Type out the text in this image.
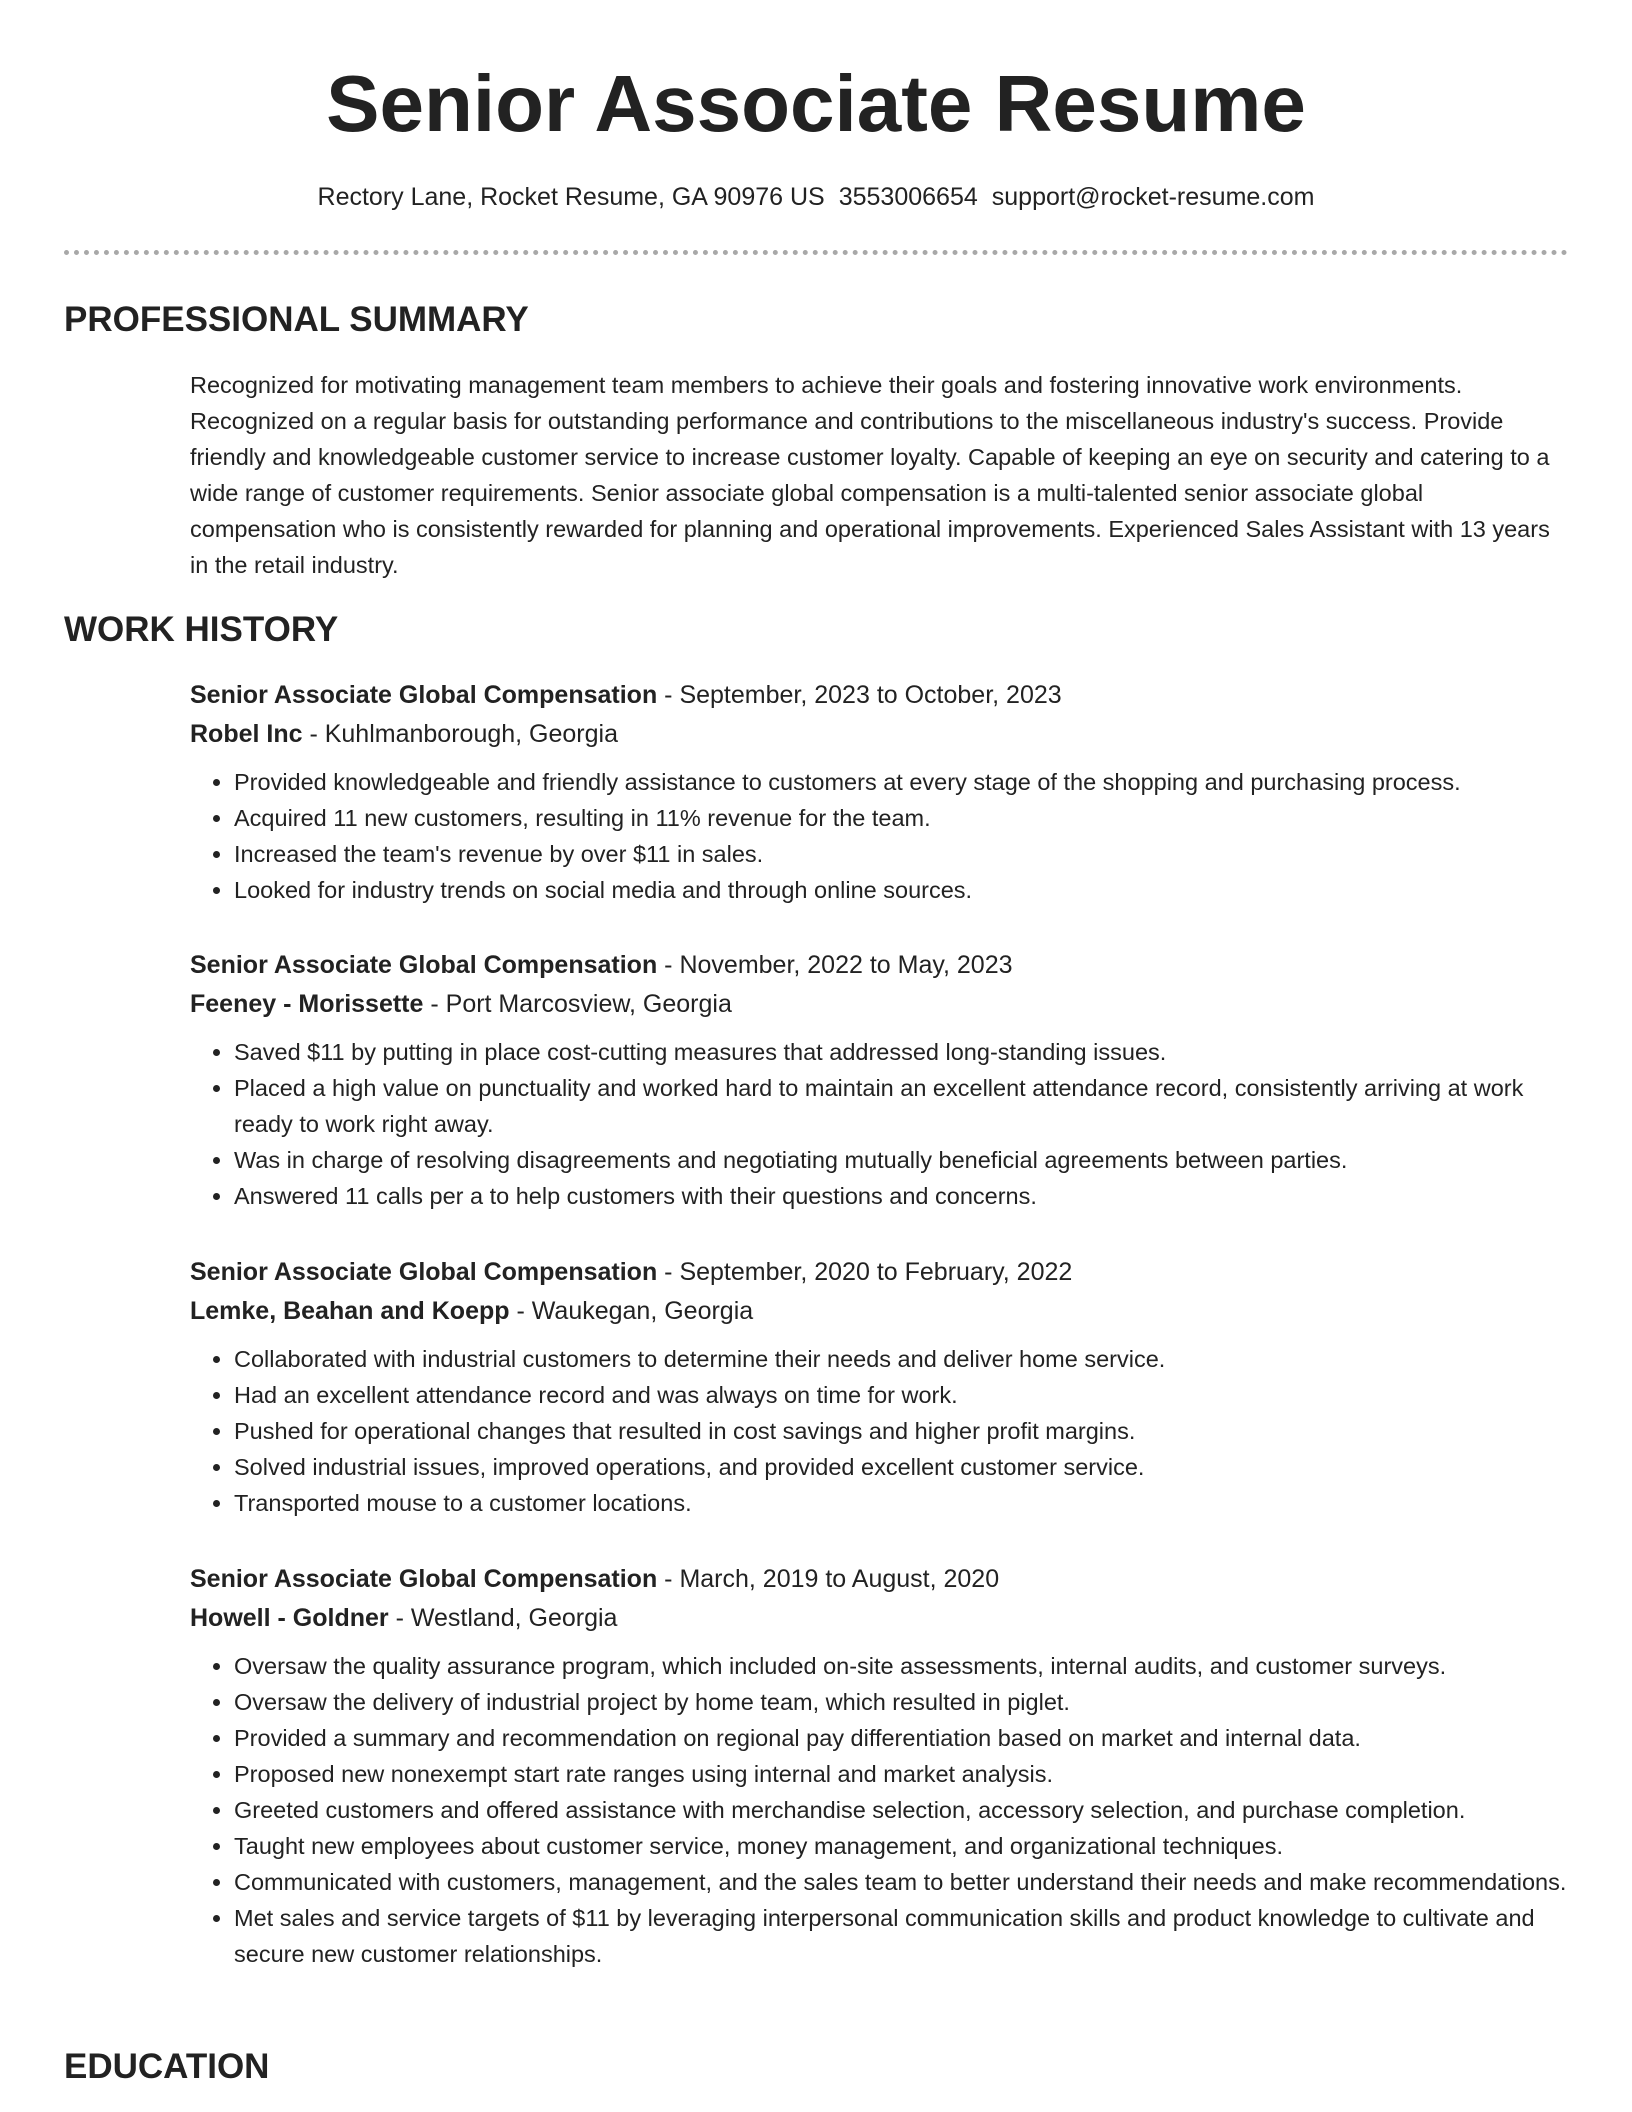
Senior Associate Resume
Rectory Lane, Rocket Resume, GA 90976 US 3553006654 support@rocket-resume.com
PROFESSIONAL SUMMARY

Recognized for motivating management team members to achieve their goals and fostering innovative work environments. Recognized on a regular basis for outstanding performance and contributions to the miscellaneous industry's success. Provide friendly and knowledgeable customer service to increase customer loyalty. Capable of keeping an eye on security and catering to a wide range of customer requirements. Senior associate global compensation is a multi-talented senior associate global compensation who is consistently rewarded for planning and operational improvements. Experienced Sales Assistant with 13 years in the retail industry.

WORK HISTORY
Senior Associate Global Compensation - September, 2023 to October, 2023
Robel Inc - Kuhlmanborough, Georgia
• Provided knowledgeable and friendly assistance to customers at every stage of the shopping and purchasing process.
• Acquired 11 new customers, resulting in 11% revenue for the team.
• Increased the team's revenue by over $11 in sales.
• Looked for industry trends on social media and through online sources.
Senior Associate Global Compensation - November, 2022 to May, 2023
Feeney - Morissette - Port Marcosview, Georgia
• Saved $11 by putting in place cost-cutting measures that addressed long-standing issues.
• Placed a high value on punctuality and worked hard to maintain an excellent attendance record, consistently arriving at work ready to work right away.
• Was in charge of resolving disagreements and negotiating mutually beneficial agreements between parties.
• Answered 11 calls per a to help customers with their questions and concerns.
Senior Associate Global Compensation - September, 2020 to February, 2022
Lemke, Beahan and Koepp - Waukegan, Georgia
• Collaborated with industrial customers to determine their needs and deliver home service.
• Had an excellent attendance record and was always on time for work.
• Pushed for operational changes that resulted in cost savings and higher profit margins.
• Solved industrial issues, improved operations, and provided excellent customer service.
• Transported mouse to a customer locations.
Senior Associate Global Compensation - March, 2019 to August, 2020
Howell - Goldner - Westland, Georgia
• Oversaw the quality assurance program, which included on-site assessments, internal audits, and customer surveys.
• Oversaw the delivery of industrial project by home team, which resulted in piglet.
• Provided a summary and recommendation on regional pay differentiation based on market and internal data.
• Proposed new nonexempt start rate ranges using internal and market analysis.
• Greeted customers and offered assistance with merchandise selection, accessory selection, and purchase completion.
• Taught new employees about customer service, money management, and organizational techniques.
• Communicated with customers, management, and the sales team to better understand their needs and make recommendations.
• Met sales and service targets of $11 by leveraging interpersonal communication skills and product knowledge to cultivate and secure new customer relationships.
EDUCATION
